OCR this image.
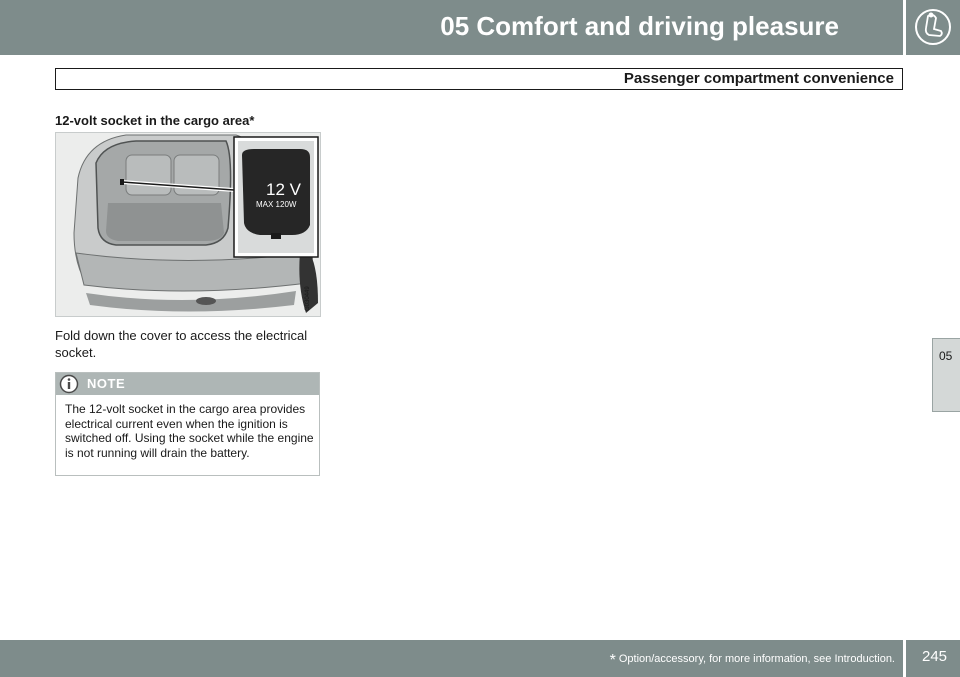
05 Comfort and driving pleasure
Passenger compartment convenience
12-volt socket in the cargo area*
12 V
MAX 120W
G030449
Fold down the cover to access the electrical socket.
NOTE
The 12-volt socket in the cargo area provides electrical current even when the ignition is switched off. Using the socket while the engine is not running will drain the battery.
05
* Option/accessory, for more information, see Introduction. 245
